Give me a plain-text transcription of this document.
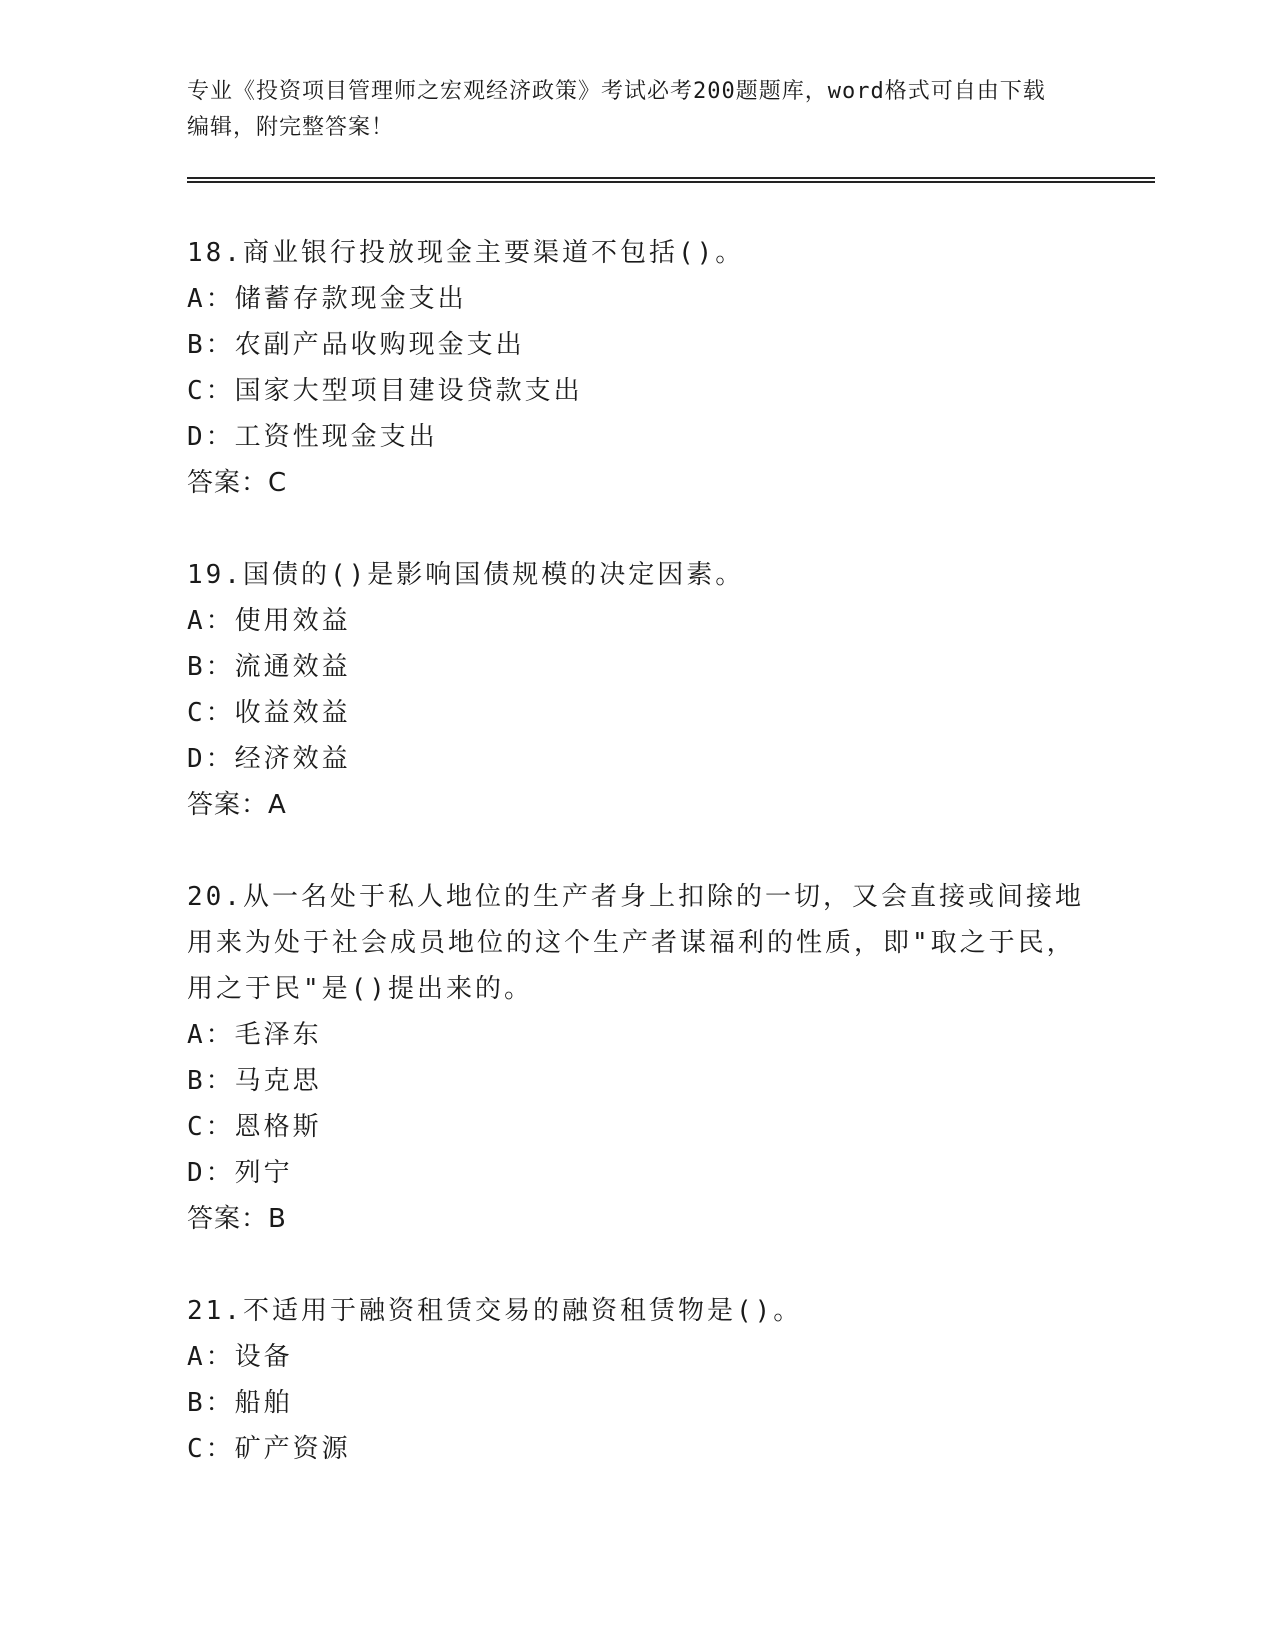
专业《投资项目管理师之宏观经济政策》考试必考200题题库，word格式可自由下载编辑，附完整答案！

18.商业银行投放现金主要渠道不包括()。

A：储蓄存款现金支出

B：农副产品收购现金支出

C：国家大型项目建设贷款支出

D：工资性现金支出

答案：C

19.国债的()是影响国债规模的决定因素。

A：使用效益

B：流通效益

C：收益效益

D：经济效益

答案：A

20.从一名处于私人地位的生产者身上扣除的一切，又会直接或间接地用来为处于社会成员地位的这个生产者谋福利的性质，即"取之于民，用之于民"是()提出来的。

A：毛泽东

B：马克思

C：恩格斯

D：列宁

答案：B

21.不适用于融资租赁交易的融资租赁物是()。

A：设备

B：船舶

C：矿产资源
